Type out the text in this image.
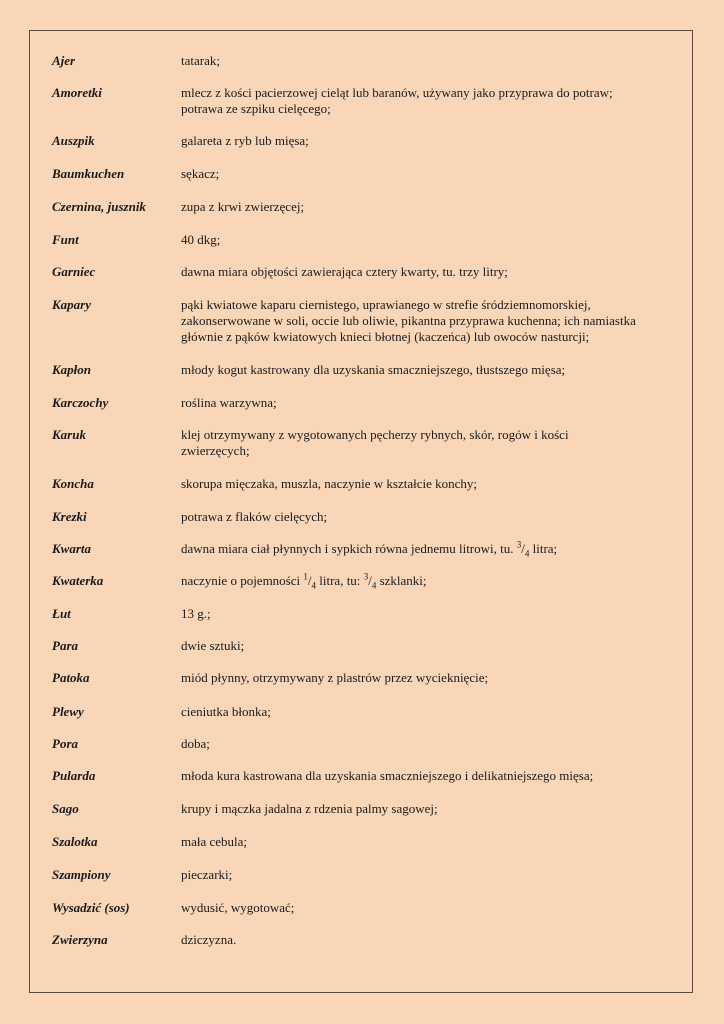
Ajer	tatarak;
Amoretki	mlecz z kości pacierzowej cieląt lub baranów, używany jako przyprawa do potraw;
potrawa ze szpiku cielęcego;
Auszpik	galareta z ryb lub mięsa;
Baumkuchen	sękacz;
Czernina, jusznik	zupa z krwi zwierzęcej;
Funt	40 dkg;
Garniec	dawna miara objętości zawierająca cztery kwarty, tu. trzy litry;
Kapary	pąki kwiatowe kaparu ciernistego, uprawianego w strefie śródziemnomorskiej,
zakonserwowane w soli, occie lub oliwie, pikantna przyprawa kuchenna; ich namiastka
głównie z pąków kwiatowych knieci błotnej (kaczeńca) lub owoców nasturcji;
Kapłon	młody kogut kastrowany dla uzyskania smaczniejszego, tłustszego mięsa;
Karczochy	roślina warzywna;
Karuk	klej otrzymywany z wygotowanych pęcherzy rybnych, skór, rogów i kości
zwierzęcych;
Koncha	skorupa mięczaka, muszla, naczynie w kształcie konchy;
Krezki	potrawa z flaków cielęcych;
Kwarta	dawna miara ciał płynnych i sypkich równa jednemu litrowi, tu. $^3/_4$ litra;
Kwaterka	naczynie o pojemności $^1/_4$ litra, tu: $^3/_4$ szklanki;
Łut	13 g.;
Para	dwie sztuki;
Patoka	miód płynny, otrzymywany z plastrów przez wycieknięcie;
Plewy	cieniutka błonka;
Pora	doba;
Pularda	młoda kura kastrowana dla uzyskania smaczniejszego i delikatniejszego mięsa;
Sago	krupy i mączka jadalna z rdzenia palmy sagowej;
Szalotka	mała cebula;
Szampiony	pieczarki;
Wysadzić (sos)	wydusić, wygotować;
Zwierzyna	dziczyzna.
